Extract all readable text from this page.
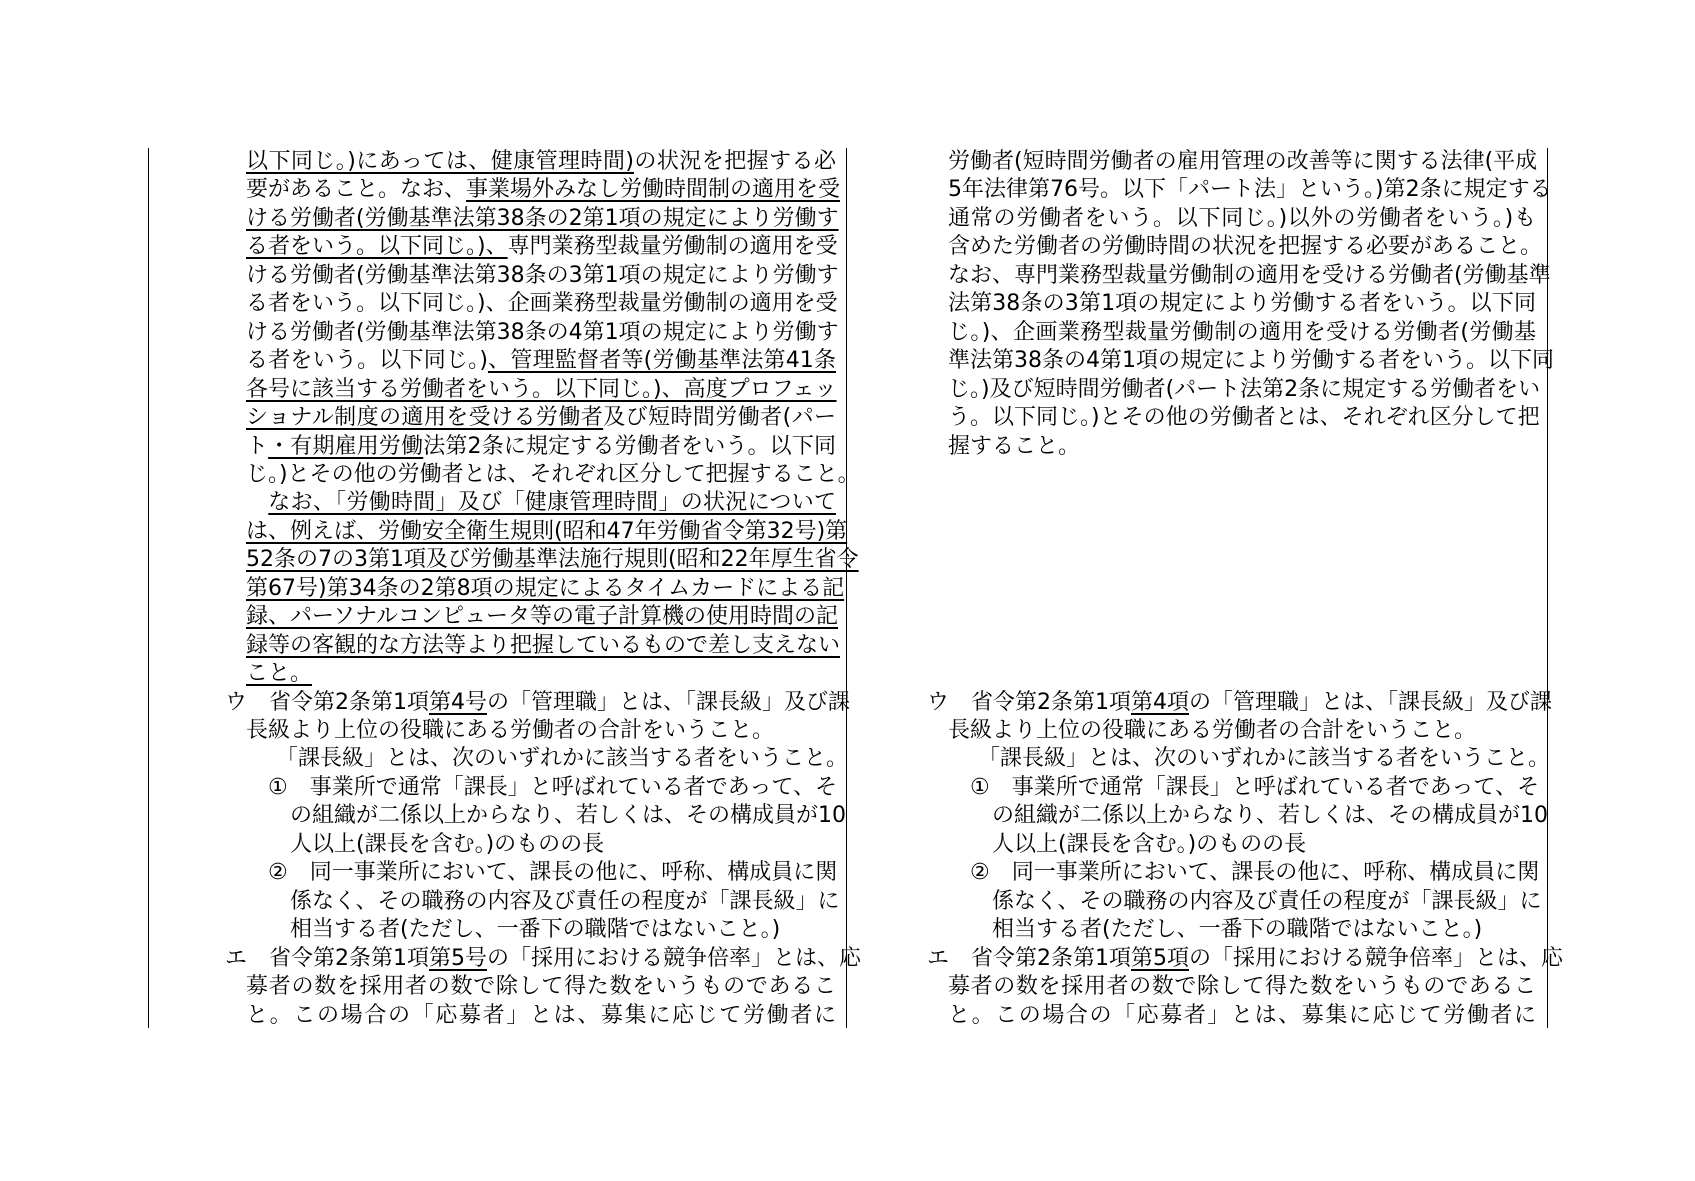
以下同じ。)にあっては、健康管理時間)の状況を把握する必
要があること。なお、事業場外みなし労働時間制の適用を受
ける労働者(労働基準法第38条の2第1項の規定により労働す
る者をいう。以下同じ。)、専門業務型裁量労働制の適用を受
ける労働者(労働基準法第38条の3第1項の規定により労働す
る者をいう。以下同じ。)、企画業務型裁量労働制の適用を受
ける労働者(労働基準法第38条の4第1項の規定により労働す
る者をいう。以下同じ。)、管理監督者等(労働基準法第41条
各号に該当する労働者をいう。以下同じ。)、高度プロフェッ
ショナル制度の適用を受ける労働者及び短時間労働者(パー
ト・有期雇用労働法第2条に規定する労働者をいう。以下同
じ。)とその他の労働者とは、それぞれ区分して把握すること。
　なお、「労働時間」及び「健康管理時間」の状況について
は、例えば、労働安全衛生規則(昭和47年労働省令第32号)第
52条の7の3第1項及び労働基準法施行規則(昭和22年厚生省令
第67号)第34条の2第8項の規定によるタイムカードによる記
録、パーソナルコンピュータ等の電子計算機の使用時間の記
録等の客観的な方法等より把握しているもので差し支えない
こと。
ウ　省令第2条第1項第4号の「管理職」とは、「課長級」及び課
長級より上位の役職にある労働者の合計をいうこと。
「課長級」とは、次のいずれかに該当する者をいうこと。
①　事業所で通常「課長」と呼ばれている者であって、そ
の組織が二係以上からなり、若しくは、その構成員が10
人以上(課長を含む。)のものの長
②　同一事業所において、課長の他に、呼称、構成員に関
係なく、その職務の内容及び責任の程度が「課長級」に
相当する者(ただし、一番下の職階ではないこと。)
エ　省令第2条第1項第5号の「採用における競争倍率」とは、応
募者の数を採用者の数で除して得た数をいうものであるこ
と。この場合の「応募者」とは、募集に応じて労働者に
労働者(短時間労働者の雇用管理の改善等に関する法律(平成
5年法律第76号。以下「パート法」という。)第2条に規定する
通常の労働者をいう。以下同じ。)以外の労働者をいう。)も
含めた労働者の労働時間の状況を把握する必要があること。
なお、専門業務型裁量労働制の適用を受ける労働者(労働基準
法第38条の3第1項の規定により労働する者をいう。以下同
じ。)、企画業務型裁量労働制の適用を受ける労働者(労働基
準法第38条の4第1項の規定により労働する者をいう。以下同
じ。)及び短時間労働者(パート法第2条に規定する労働者をい
う。以下同じ。)とその他の労働者とは、それぞれ区分して把
握すること。
ウ　省令第2条第1項第4項の「管理職」とは、「課長級」及び課
長級より上位の役職にある労働者の合計をいうこと。
「課長級」とは、次のいずれかに該当する者をいうこと。
①　事業所で通常「課長」と呼ばれている者であって、そ
の組織が二係以上からなり、若しくは、その構成員が10
人以上(課長を含む。)のものの長
②　同一事業所において、課長の他に、呼称、構成員に関
係なく、その職務の内容及び責任の程度が「課長級」に
相当する者(ただし、一番下の職階ではないこと。)
エ　省令第2条第1項第5項の「採用における競争倍率」とは、応
募者の数を採用者の数で除して得た数をいうものであるこ
と。この場合の「応募者」とは、募集に応じて労働者に
